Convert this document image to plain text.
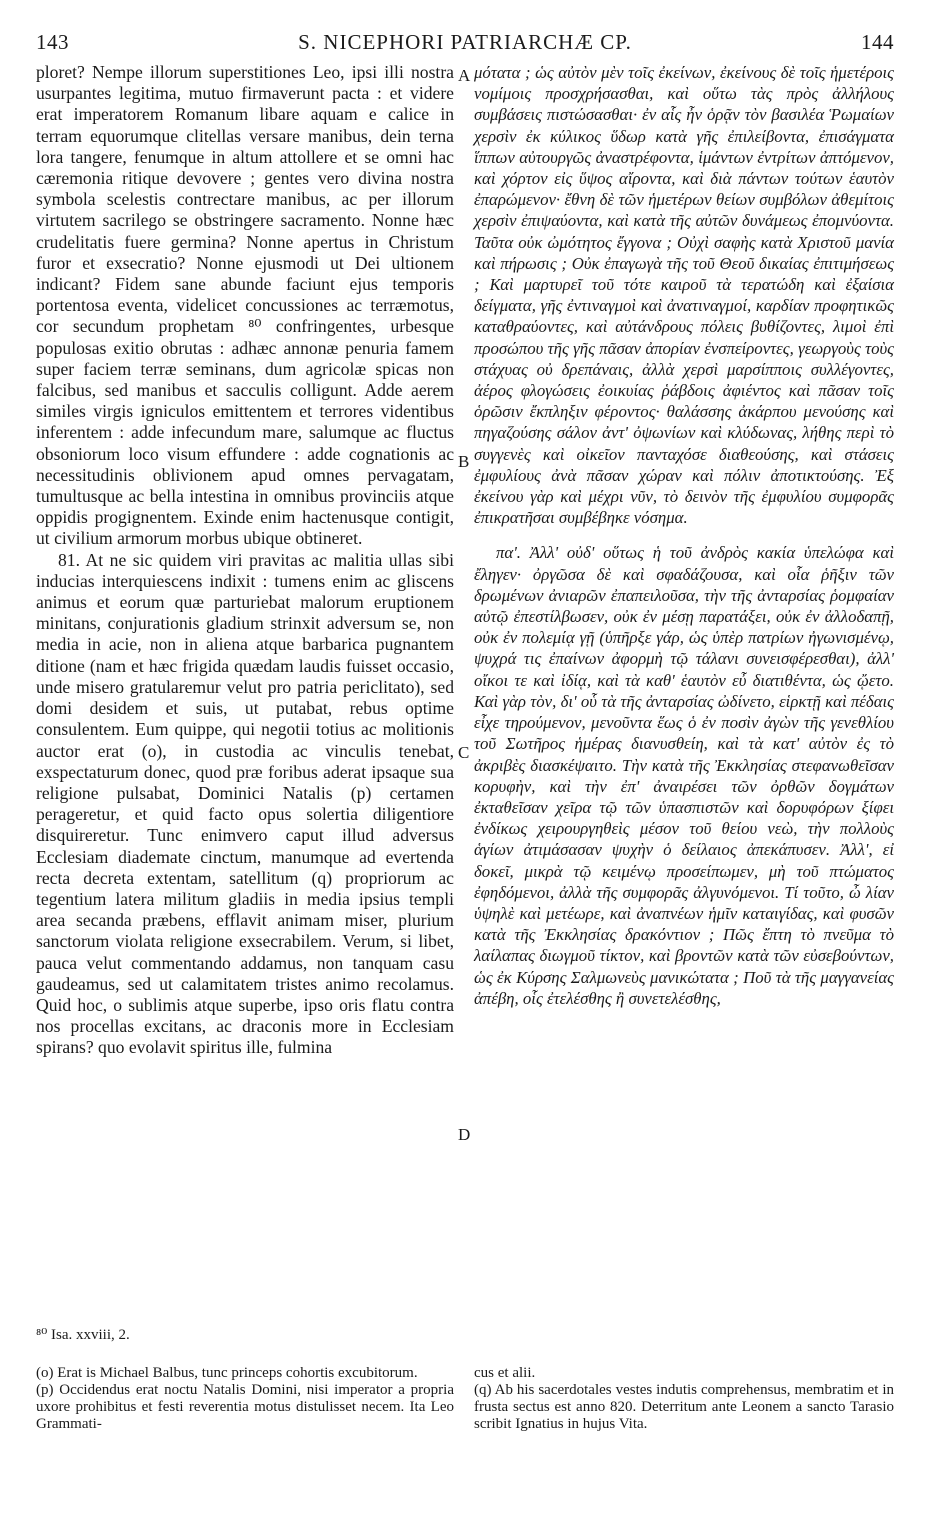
143	S. NICEPHORI PATRIARCHÆ CP.	144

ploret? Nempe illorum superstitiones Leo, ipsi illi nostra usurpantes legitima, mutuo firmaverunt pacta : et videre erat imperatorem Romanum libare aquam e calice in terram equorumque clitellas versare manibus, dein terna lora tangere, fenumque in altum attollere et se omni hac cæremonia ritique devovere ; gentes vero divina nostra symbola scelestis contrectare manibus, ac per illorum virtutem sacrilego se obstringere sacramento. Nonne hæc crudelitatis fuere germina? Nonne apertus in Christum furor et exsecratio? Nonne ejusmodi ut Dei ultionem indicant? Fidem sane abunde faciunt ejus temporis portentosa eventa, videlicet concussiones ac terræmotus, cor secundum prophetam ⁸⁰ confringentes, urbesque populosas exitio obrutas : adhæc annonæ penuria famem super faciem terræ seminans, dum agricolæ spicas non falcibus, sed manibus et sacculis colligunt. Adde aerem similes virgis igniculos emittentem et terrores videntibus inferentem : adde infecundum mare, salumque ac fluctus obsoniorum loco visum effundere : adde cognationis ac necessitudinis oblivionem apud omnes pervagatam, tumultusque ac bella intestina in omnibus provinciis atque oppidis progignentem. Exinde enim hactenusque contigit, ut civilium armorum morbus ubique obtineret.

81. At ne sic quidem viri pravitas ac malitia ullas sibi inducias interquiescens indixit : tumens enim ac gliscens animus et eorum quæ parturiebat malorum eruptionem minitans, conjurationis gladium strinxit adversum se, non media in acie, non in aliena atque barbarica pugnantem ditione (nam et hæc frigida quædam laudis fuisset occasio, unde misero gratularemur velut pro patria periclitato), sed domi desidem et suis, ut putabat, rebus optime consulentem. Eum quippe, qui negotii totius ac molitionis auctor erat (o), in custodia ac vinculis tenebat, exspectaturum donec, quod præ foribus aderat ipsaque sua religione pulsabat, Dominici Natalis (p) certamen perageretur, et quid facto opus solertia diligentiore disquireretur. Tunc enimvero caput illud adversus Ecclesiam diademate cinctum, manumque ad evertenda recta decreta extentam, satellitum (q) propriorum ac tegentium latera militum gladiis in media ipsius templi area secanda præbens, efflavit animam miser, plurium sanctorum violata religione exsecrabilem. Verum, si libet, pauca velut commentando addamus, non tanquam casu gaudeamus, sed ut calamitatem tristes animo recolamus. Quid hoc, o sublimis atque superbe, ipso oris flatu contra nos procellas excitans, ac draconis more in Ecclesiam spirans? quo evolavit spiritus ille, fulmina

A
B
C
D

μότατα ; ὡς αὐτὸν μὲν τοῖς ἐκείνων, ἐκείνους δὲ τοῖς ἡμετέροις νομίμοις προσχρήσασθαι, καὶ οὕτω τὰς πρὸς ἀλλήλους συμβάσεις πιστώσασθαι· ἐν αἷς ἦν ὁρᾷν τὸν βασιλέα Ῥωμαίων χερσὶν ἐκ κύλικος ὕδωρ κατὰ γῆς ἐπιλείβοντα, ἐπισάγματα ἵππων αὐτουργῶς ἀναστρέφοντα, ἱμάντων ἐντρίτων ἀπτόμενον, καὶ χόρτον εἰς ὕψος αἴροντα, καὶ διὰ πάντων τούτων ἑαυτὸν ἐπαρώμενον· ἔθνη δὲ τῶν ἡμετέρων θείων συμβόλων ἀθεμίτοις χερσὶν ἐπιψαύοντα, καὶ κατὰ τῆς αὐτῶν δυνάμεως ἐπομνύοντα. Ταῦτα οὐκ ὠμότητος ἔγγονα ; Οὐχὶ σαφὴς κατὰ Χριστοῦ μανία καὶ πήρωσις ; Οὐκ ἐπαγωγὰ τῆς τοῦ Θεοῦ δικαίας ἐπιτιμήσεως ; Καὶ μαρτυρεῖ τοῦ τότε καιροῦ τὰ τερατώδη καὶ ἐξαίσια δείγματα, γῆς ἐντιναγμοὶ καὶ ἀνατιναγμοί, καρδίαν προφητικῶς καταθραύοντες, καὶ αὐτάνδρους πόλεις βυθίζοντες, λιμοὶ ἐπὶ προσώπου τῆς γῆς πᾶσαν ἀπορίαν ἐνσπείροντες, γεωργοὺς τοὺς στάχυας οὐ δρεπάναις, ἀλλὰ χερσὶ μαρσίπποις συλλέγοντες, ἀέρος φλογώσεις ἐοικυίας ῥάβδοις ἀφιέντος καὶ πᾶσαν τοῖς ὁρῶσιν ἔκπληξιν φέροντος· θαλάσσης ἀκάρπου μενούσης καὶ πηγαζούσης σάλον ἀντ' ὀψωνίων καὶ κλύδωνας, λήθης περὶ τὸ συγγενὲς καὶ οἰκεῖον πανταχόσε διαθεούσης, καὶ στάσεις ἐμφυλίους ἀνὰ πᾶσαν χώραν καὶ πόλιν ἀποτικτούσης. Ἐξ ἐκείνου γὰρ καὶ μέχρι νῦν, τὸ δεινὸν τῆς ἐμφυλίου συμφορᾶς ἐπικρατῆσαι συμβέβηκε νόσημα.

πα'. Ἀλλ' οὐδ' οὕτως ἡ τοῦ ἀνδρὸς κακία ὑπελώφα καὶ ἔληγεν· ὀργῶσα δὲ καὶ σφαδάζουσα, καὶ οἷα ῥῆξιν τῶν δρωμένων ἀνιαρῶν ἐπαπειλοῦσα, τὴν τῆς ἀνταρσίας ῥομφαίαν αὐτῷ ἐπεστίλβωσεν, οὐκ ἐν μέσῃ παρατάξει, οὐκ ἐν ἀλλοδαπῇ, οὐκ ἐν πολεμίᾳ γῇ (ὑπῆρξε γάρ, ὡς ὑπὲρ πατρίων ἠγωνισμένῳ, ψυχρά τις ἐπαίνων ἀφορμὴ τῷ τάλανι συνεισφέρεσθαι), ἀλλ' οἴκοι τε καὶ ἰδίᾳ, καὶ τὰ καθ' ἑαυτὸν εὖ διατιθέντα, ὡς ᾤετο. Καὶ γὰρ τὸν, δι' οὗ τὰ τῆς ἀνταρσίας ὠδίνετο, εἱρκτῇ καὶ πέδαις εἶχε τηρούμενον, μενοῦντα ἕως ὁ ἐν ποσὶν ἀγὼν τῆς γενεθλίου τοῦ Σωτῆρος ἡμέρας διανυσθείη, καὶ τὰ κατ' αὐτὸν ἐς τὸ ἀκριβὲς διασκέψαιτο. Τὴν κατὰ τῆς Ἐκκλησίας στεφανωθεῖσαν κορυφὴν, καὶ τὴν ἐπ' ἀναιρέσει τῶν ὀρθῶν δογμάτων ἐκταθεῖσαν χεῖρα τῷ τῶν ὑπασπιστῶν καὶ δορυφόρων ξίφει ἐνδίκως χειρουργηθεὶς μέσον τοῦ θείου νεὼ, τὴν πολλοὺς ἁγίων ἀτιμάσασαν ψυχὴν ὁ δείλαιος ἀπεκάπυσεν. Ἀλλ', εἰ δοκεῖ, μικρὰ τῷ κειμένῳ προσείπωμεν, μὴ τοῦ πτώματος ἐφηδόμενοι, ἀλλὰ τῆς συμφορᾶς ἀλγυνόμενοι. Τί τοῦτο, ὦ λίαν ὑψηλὲ καὶ μετέωρε, καὶ ἀναπνέων ἡμῖν καταιγίδας, καὶ φυσῶν κατὰ τῆς Ἐκκλησίας δρακόντιον ; Πῶς ἔπτη τὸ πνεῦμα τὸ λαίλαπας διωγμοῦ τίκτον, καὶ βροντῶν κατὰ τῶν εὐσεβούντων, ὡς ἐκ Κύρσης Σαλμωνεὺς μανικώτατα ; Ποῦ τὰ τῆς μαγγανείας ἀπέβη, οἷς ἐτελέσθης ἢ συνετελέσθης,

⁸⁰ Isa. xxviii, 2.

(o) Erat is Michael Balbus, tunc princeps cohortis excubitorum.

(p) Occidendus erat noctu Natalis Domini, nisi imperator a propria uxore prohibitus et festi reverentia motus distulisset necem. Ita Leo Grammati-

cus et alii.

(q) Ab his sacerdotales vestes indutis comprehensus, membratim et in frusta sectus est anno 820. Deterritum ante Leonem a sancto Tarasio scribit Ignatius in hujus Vita.
